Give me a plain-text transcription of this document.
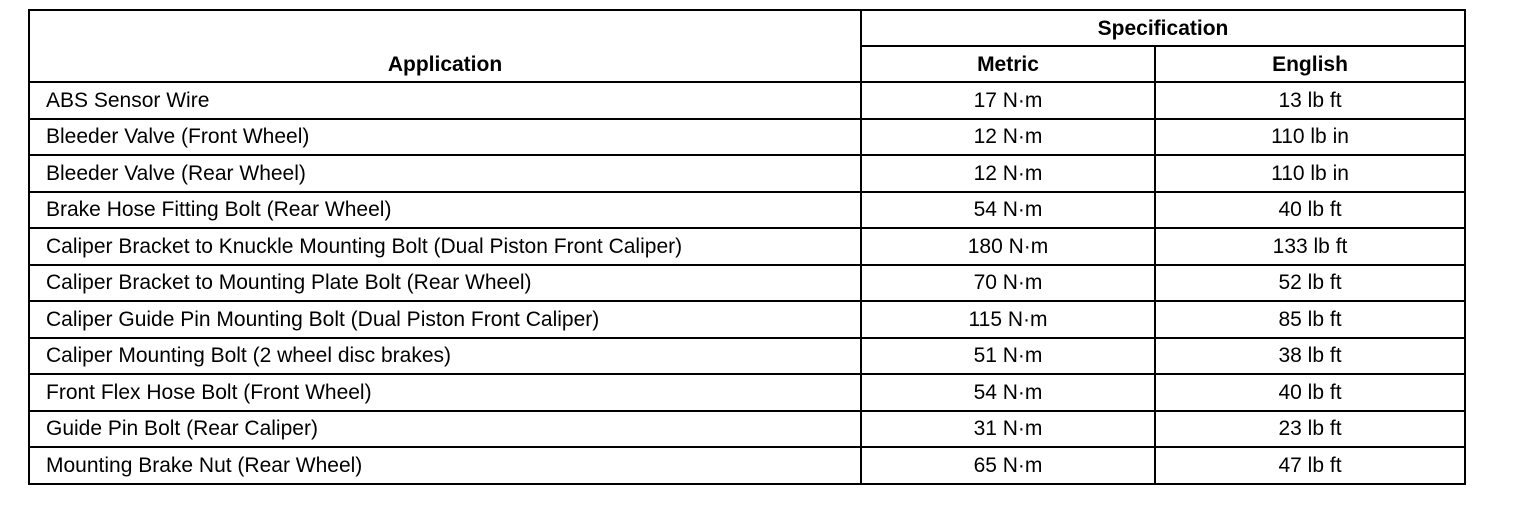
Application	Specification	
	Metric	English
ABS Sensor Wire	17 N·m	13 lb ft
Bleeder Valve (Front Wheel)	12 N·m	110 lb in
Bleeder Valve (Rear Wheel)	12 N·m	110 lb in
Brake Hose Fitting Bolt (Rear Wheel)	54 N·m	40 lb ft
Caliper Bracket to Knuckle Mounting Bolt (Dual Piston Front Caliper)	180 N·m	133 lb ft
Caliper Bracket to Mounting Plate Bolt (Rear Wheel)	70 N·m	52 lb ft
Caliper Guide Pin Mounting Bolt (Dual Piston Front Caliper)	115 N·m	85 lb ft
Caliper Mounting Bolt (2 wheel disc brakes)	51 N·m	38 lb ft
Front Flex Hose Bolt (Front Wheel)	54 N·m	40 lb ft
Guide Pin Bolt (Rear Caliper)	31 N·m	23 lb ft
Mounting Brake Nut (Rear Wheel)	65 N·m	47 lb ft
